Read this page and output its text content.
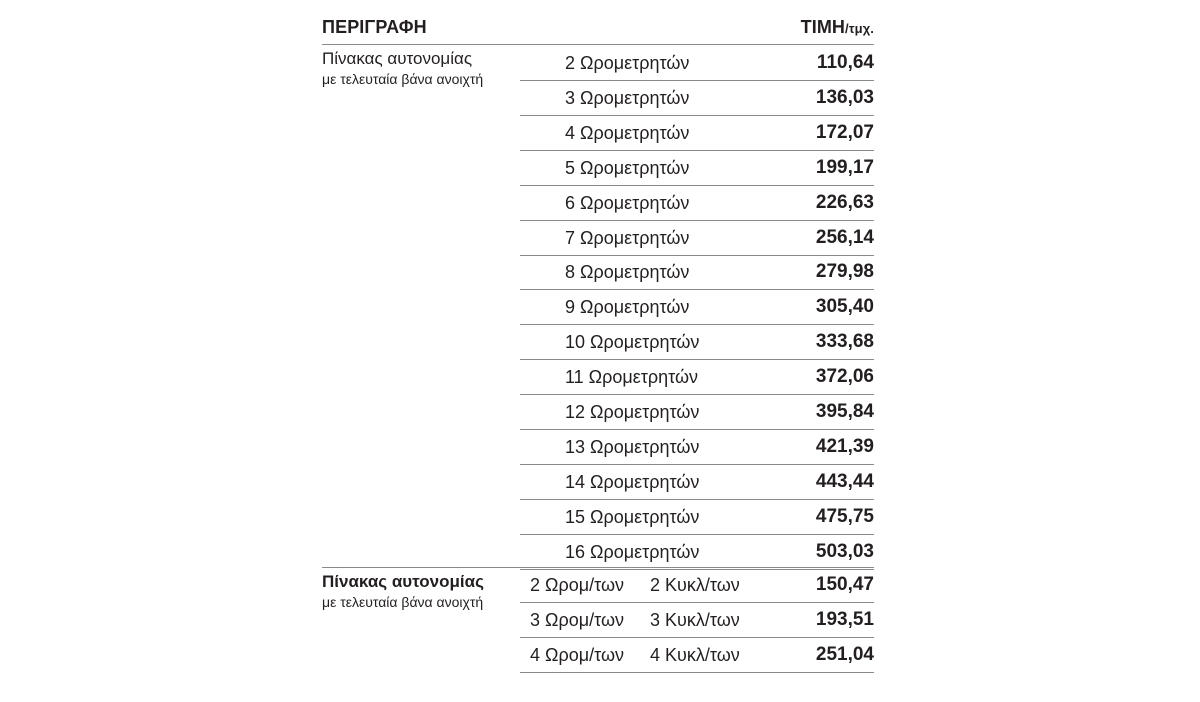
ΠΕΡΙΓΡΑΦΗ	ΤΙΜΗ/τμχ.
Πίνακας αυτονομίας
με τελευταία βάνα ανοιχτή
2 Ωρομετρητών	110,64
3 Ωρομετρητών	136,03
4 Ωρομετρητών	172,07
5 Ωρομετρητών	199,17
6 Ωρομετρητών	226,63
7 Ωρομετρητών	256,14
8 Ωρομετρητών	279,98
9 Ωρομετρητών	305,40
10 Ωρομετρητών	333,68
11 Ωρομετρητών	372,06
12 Ωρομετρητών	395,84
13 Ωρομετρητών	421,39
14 Ωρομετρητών	443,44
15 Ωρομετρητών	475,75
16 Ωρομετρητών	503,03
Πίνακας αυτονομίας
με τελευταία βάνα ανοιχτή
2 Ωρομ/των 2 Κυκλ/των	150,47
3 Ωρομ/των 3 Κυκλ/των	193,51
4 Ωρομ/των 4 Κυκλ/των	251,04
